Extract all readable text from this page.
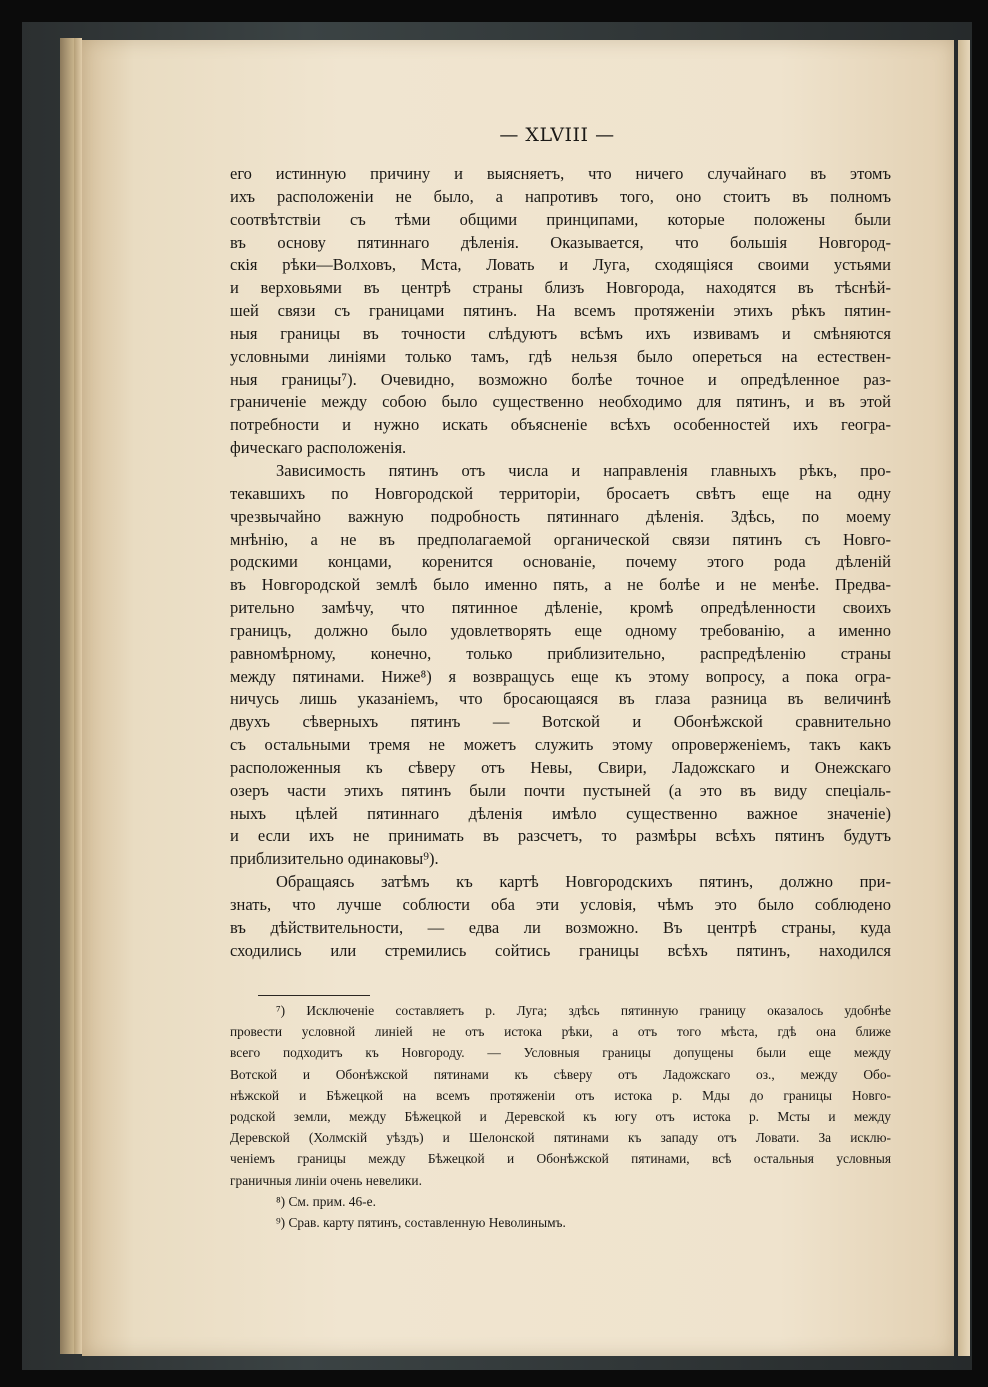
— XLVIII —
его истинную причину и выясняетъ, что ничего случайнаго въ этомъ
ихъ расположеніи не было, а напротивъ того, оно стоитъ въ полномъ
соотвѣтствіи съ тѣми общими принципами, которые положены были
въ основу пятиннаго дѣленія. Оказывается, что большія Новгород-
скія рѣки—Волховъ, Мста, Ловать и Луга, сходящіяся своими устьями
и верховьями въ центрѣ страны близъ Новгорода, находятся въ тѣснѣй-
шей связи съ границами пятинъ. На всемъ протяженіи этихъ рѣкъ пятин-
ныя границы въ точности слѣдуютъ всѣмъ ихъ извивамъ и смѣняются
условными линіями только тамъ, гдѣ нельзя было опереться на естествен-
ныя границы⁷). Очевидно, возможно болѣе точное и опредѣленное раз-
граниченіе между собою было существенно необходимо для пятинъ, и въ этой
потребности и нужно искать объясненіе всѣхъ особенностей ихъ геогра-
фическаго расположенія.
Зависимость пятинъ отъ числа и направленія главныхъ рѣкъ, про-
текавшихъ по Новгородской территоріи, бросаетъ свѣтъ еще на одну
чрезвычайно важную подробность пятиннаго дѣленія. Здѣсь, по моему
мнѣнію, а не въ предполагаемой органической связи пятинъ съ Новго-
родскими концами, коренится основаніе, почему этого рода дѣленій
въ Новгородской землѣ было именно пять, а не болѣе и не менѣе. Предва-
рительно замѣчу, что пятинное дѣленіе, кромѣ опредѣленности своихъ
границъ, должно было удовлетворять еще одному требованію, а именно
равномѣрному, конечно, только приблизительно, распредѣленію страны
между пятинами. Ниже⁸) я возвращусь еще къ этому вопросу, а пока огра-
ничусь лишь указаніемъ, что бросающаяся въ глаза разница въ величинѣ
двухъ сѣверныхъ пятинъ — Вотской и Обонѣжской сравнительно
съ остальными тремя не можетъ служить этому опроверженіемъ, такъ какъ
расположенныя къ сѣверу отъ Невы, Свири, Ладожскаго и Онежскаго
озеръ части этихъ пятинъ были почти пустыней (а это въ виду спеціаль-
ныхъ цѣлей пятиннаго дѣленія имѣло существенно важное значеніе)
и если ихъ не принимать въ разсчетъ, то размѣры всѣхъ пятинъ будутъ
приблизительно одинаковы⁹).
Обращаясь затѣмъ къ картѣ Новгородскихъ пятинъ, должно при-
знать, что лучше соблюсти оба эти условія, чѣмъ это было соблюдено
въ дѣйствительности, — едва ли возможно. Въ центрѣ страны, куда
сходились или стремились сойтись границы всѣхъ пятинъ, находился
⁷) Исключеніе составляетъ р. Луга; здѣсь пятинную границу оказалось удобнѣе
провести условной линіей не отъ истока рѣки, а отъ того мѣста, гдѣ она ближе
всего подходитъ къ Новгороду. — Условныя границы допущены были еще между
Вотской и Обонѣжской пятинами къ сѣверу отъ Ладожскаго оз., между Обо-
нѣжской и Бѣжецкой на всемъ протяженіи отъ истока р. Мды до границы Новго-
родской земли, между Бѣжецкой и Деревской къ югу отъ истока р. Мсты и между
Деревской (Холмскій уѣздъ) и Шелонской пятинами къ западу отъ Ловати. За исклю-
ченіемъ границы между Бѣжецкой и Обонѣжской пятинами, всѣ остальныя условныя
граничныя линіи очень невелики.
⁸) См. прим. 46-е.
⁹) Срав. карту пятинъ, составленную Неволинымъ.
